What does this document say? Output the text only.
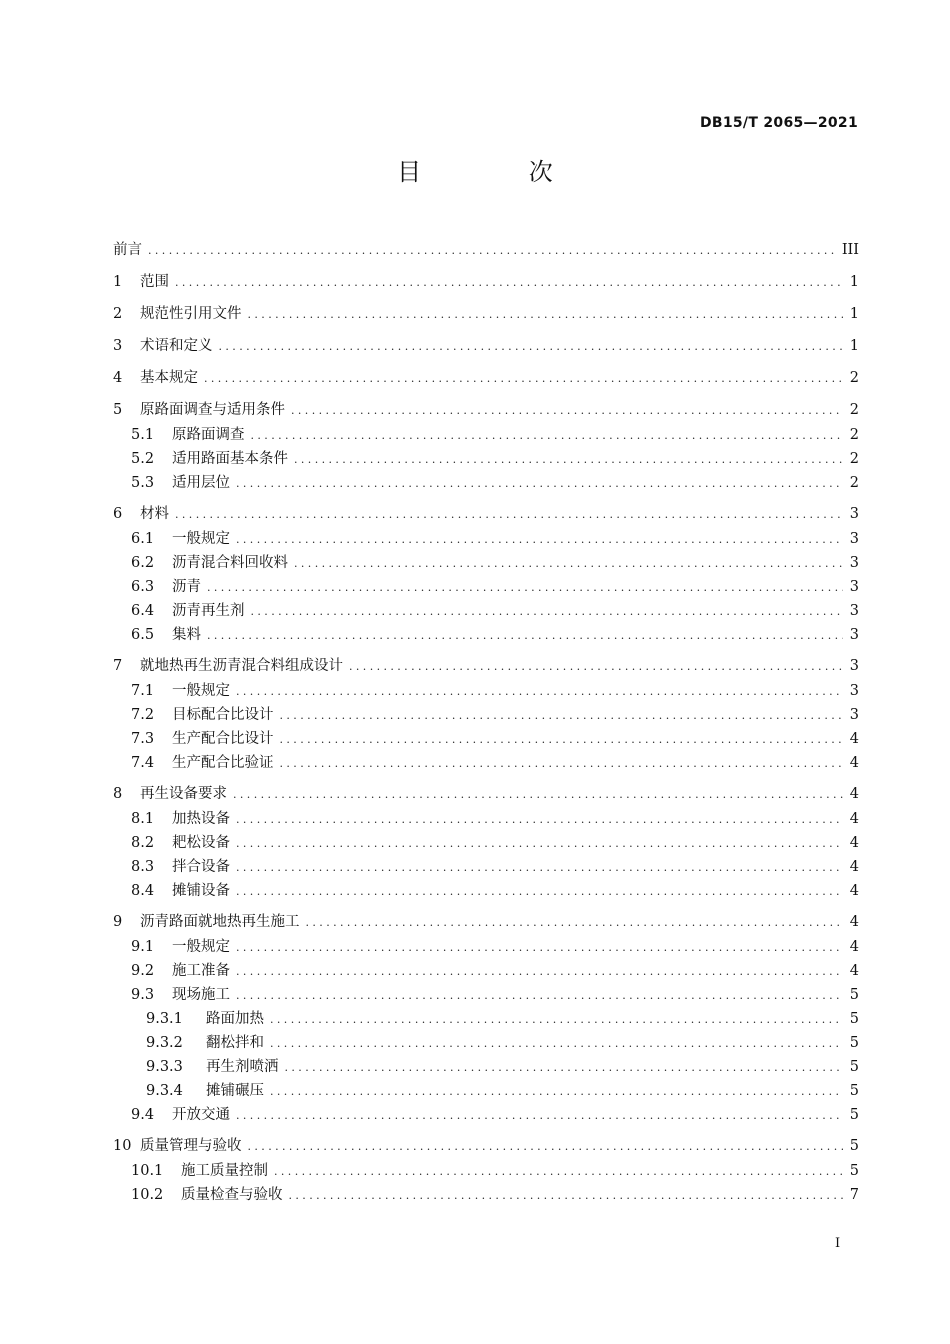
DB15/T 2065—2021
目 次
前言 .....	III
1	范围 .....	1
2	规范性引用文件 .....	1
3	术语和定义 .....	1
4	基本规定 .....	2
5	原路面调查与适用条件 .....	2
5.1	原路面调查 .....	2
5.2	适用路面基本条件 .....	2
5.3	适用层位 .....	2
6	材料 .....	3
6.1	一般规定 .....	3
6.2	沥青混合料回收料 .....	3
6.3	沥青 .....	3
6.4	沥青再生剂 .....	3
6.5	集料 .....	3
7	就地热再生沥青混合料组成设计 .....	3
7.1	一般规定 .....	3
7.2	目标配合比设计 .....	3
7.3	生产配合比设计 .....	4
7.4	生产配合比验证 .....	4
8	再生设备要求 .....	4
8.1	加热设备 .....	4
8.2	耙松设备 .....	4
8.3	拌合设备 .....	4
8.4	摊铺设备 .....	4
9	沥青路面就地热再生施工 .....	4
9.1	一般规定 .....	4
9.2	施工准备 .....	4
9.3	现场施工 .....	5
9.3.1	路面加热 .....	5
9.3.2	翻松拌和 .....	5
9.3.3	再生剂喷洒 .....	5
9.3.4	摊铺碾压 .....	5
9.4	开放交通 .....	5
10 质量管理与验收 .....	5
10.1	施工质量控制 .....	5
10.2	质量检查与验收 .....	7
I
